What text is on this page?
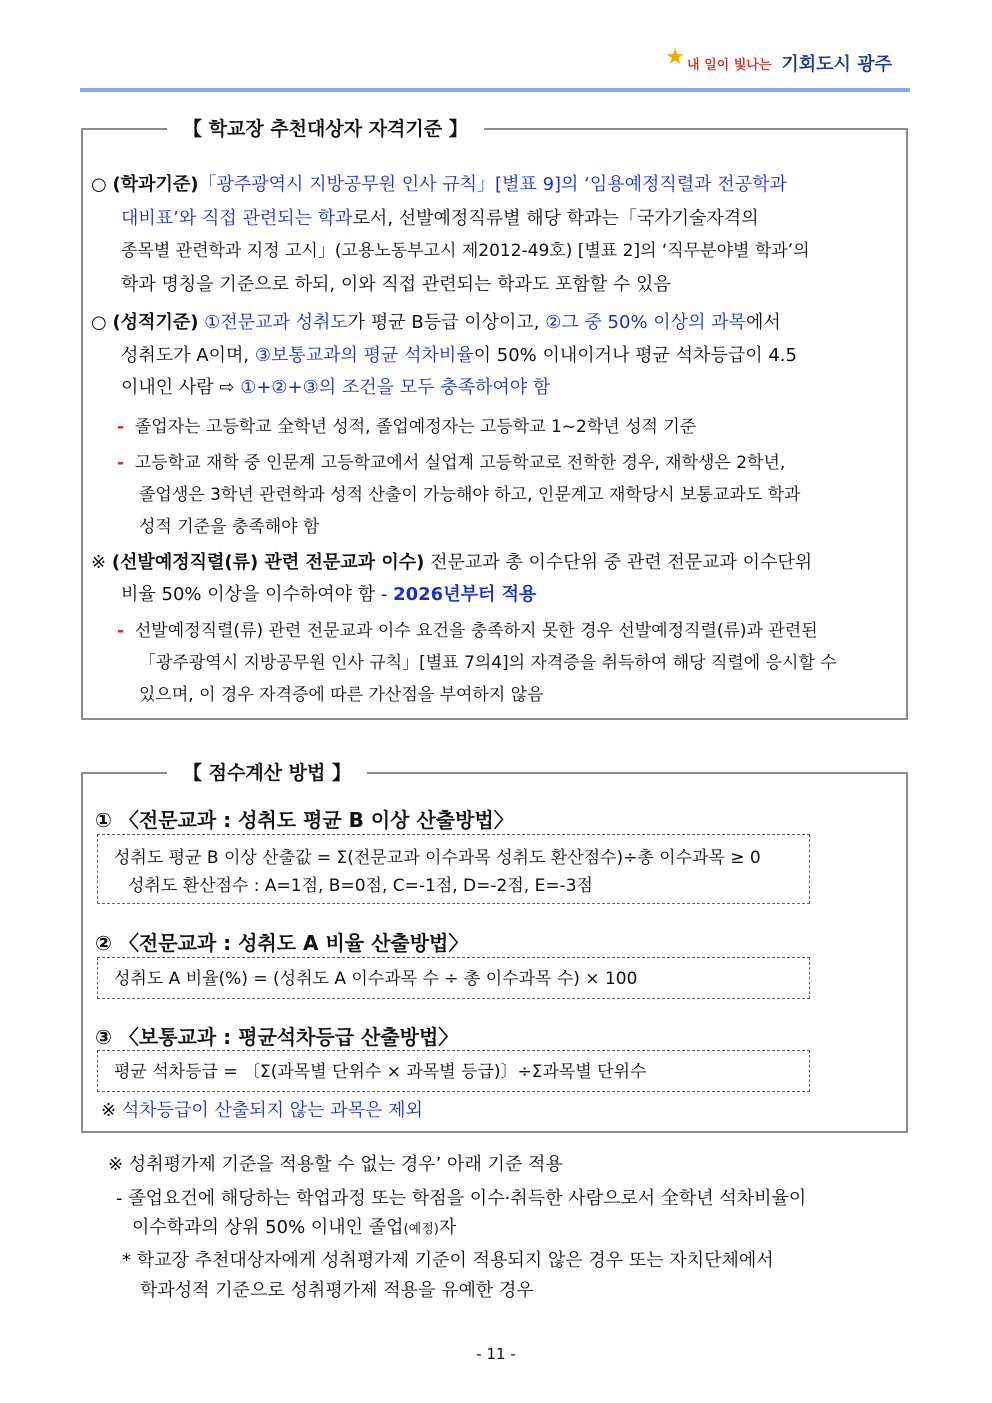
★ 내 일이 빛나는 기회도시 광주
【 학교장 추천대상자 자격기준 】
○ (학과기준)「광주광역시 지방공무원 인사 규칙」[별표 9]의 ‘임용예정직렬과 전공학과
대비표’와 직접 관련되는 학과로서, 선발예정직류별 해당 학과는「국가기술자격의
종목별 관련학과 지정 고시」(고용노동부고시 제2012-49호) [별표 2]의 ‘직무분야별 학과’의
학과 명칭을 기준으로 하되, 이와 직접 관련되는 학과도 포함할 수 있음
○ (성적기준) ①전문교과 성취도가 평균 B등급 이상이고, ②그 중 50% 이상의 과목에서
성취도가 A이며, ③보통교과의 평균 석차비율이 50% 이내이거나 평균 석차등급이 4.5
이내인 사람 ⇨ ①+②+③의 조건을 모두 충족하여야 함
- 졸업자는 고등학교 全학년 성적, 졸업예정자는 고등학교 1~2학년 성적 기준
- 고등학교 재학 중 인문계 고등학교에서 실업계 고등학교로 전학한 경우, 재학생은 2학년,
졸업생은 3학년 관련학과 성적 산출이 가능해야 하고, 인문계고 재학당시 보통교과도 학과
성적 기준을 충족해야 함
※ (선발예정직렬(류) 관련 전문교과 이수) 전문교과 총 이수단위 중 관련 전문교과 이수단위
비율 50% 이상을 이수하여야 함 - 2026년부터 적용
- 선발예정직렬(류) 관련 전문교과 이수 요건을 충족하지 못한 경우 선발예정직렬(류)과 관련된
「광주광역시 지방공무원 인사 규칙」[별표 7의4]의 자격증을 취득하여 해당 직렬에 응시할 수
있으며, 이 경우 자격증에 따른 가산점을 부여하지 않음
【 점수계산 방법 】
① 〈전문교과 : 성취도 평균 B 이상 산출방법〉
성취도 평균 B 이상 산출값 = Σ(전문교과 이수과목 성취도 환산점수)÷총 이수과목 ≥ 0
성취도 환산점수 : A=1점, B=0점, C=-1점, D=-2점, E=-3점
② 〈전문교과 : 성취도 A 비율 산출방법〉
성취도 A 비율(%) = (성취도 A 이수과목 수 ÷ 총 이수과목 수) × 100
③ 〈보통교과 : 평균석차등급 산출방법〉
평균 석차등급 = 〔Σ(과목별 단위수 × 과목별 등급)〕÷Σ과목별 단위수
※ 석차등급이 산출되지 않는 과목은 제외
※ 성취평가제 기준을 적용할 수 없는 경우’ 아래 기준 적용
- 졸업요건에 해당하는 학업과정 또는 학점을 이수·취득한 사람으로서 全학년 석차비율이
이수학과의 상위 50% 이내인 졸업(예정)자
* 학교장 추천대상자에게 성취평가제 기준이 적용되지 않은 경우 또는 자치단체에서
학과성적 기준으로 성취평가제 적용을 유예한 경우
- 11 -
